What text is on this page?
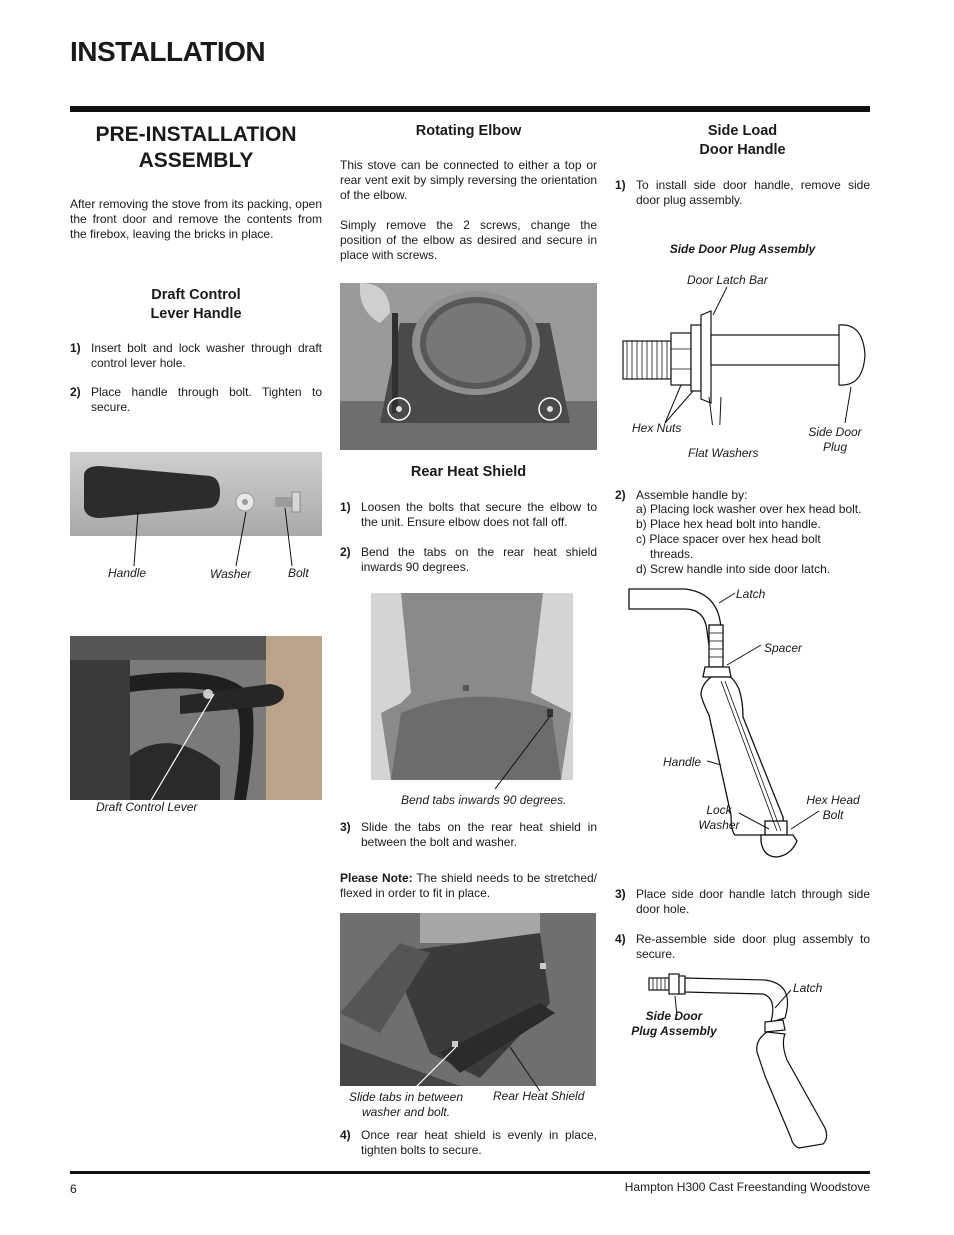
INSTALLATION
PRE-INSTALLATION ASSEMBLY
After removing the stove from its packing, open the front door and remove the contents from the firebox, leaving the bricks in place.
Draft Control
Lever Handle
1) Insert bolt and lock washer through draft control lever hole.
2) Place handle through bolt. Tighten to secure.
Handle	Washer	Bolt
Draft Control Lever
Rotating Elbow
This stove can be connected to either a top or rear vent exit by simply reversing the orientation of the elbow.
Simply remove the 2 screws, change the position of the elbow as desired and secure in place with screws.
Rear Heat Shield
1) Loosen the bolts that secure the elbow to the unit. Ensure elbow does not fall off.
2) Bend the tabs on the rear heat shield inwards 90 degrees.
Bend tabs inwards 90 degrees.
3) Slide the tabs on the rear heat shield in between the bolt and washer.
Please Note: The shield needs to be stretched/ flexed in order to fit in place.
Slide tabs in between
washer and bolt.
Rear Heat Shield
4) Once rear heat shield is evenly in place, tighten bolts to secure.
Side Load
Door Handle
1) To install side door handle, remove side door plug assembly.
Side Door Plug Assembly
Door Latch Bar
Hex Nuts
Flat Washers
Side Door
Plug
2) Assemble handle by:
a) Placing lock washer over hex head bolt.
b) Place hex head bolt into handle.
c) Place spacer over hex head bolt
threads.
d) Screw handle into side door latch.
Latch
Spacer
Handle
Lock
Washer
Hex Head
Bolt
3) Place side door handle latch through side door hole.
4) Re-assemble side door plug assembly to secure.
Latch
Side Door
Plug Assembly
6	Hampton H300 Cast Freestanding Woodstove
